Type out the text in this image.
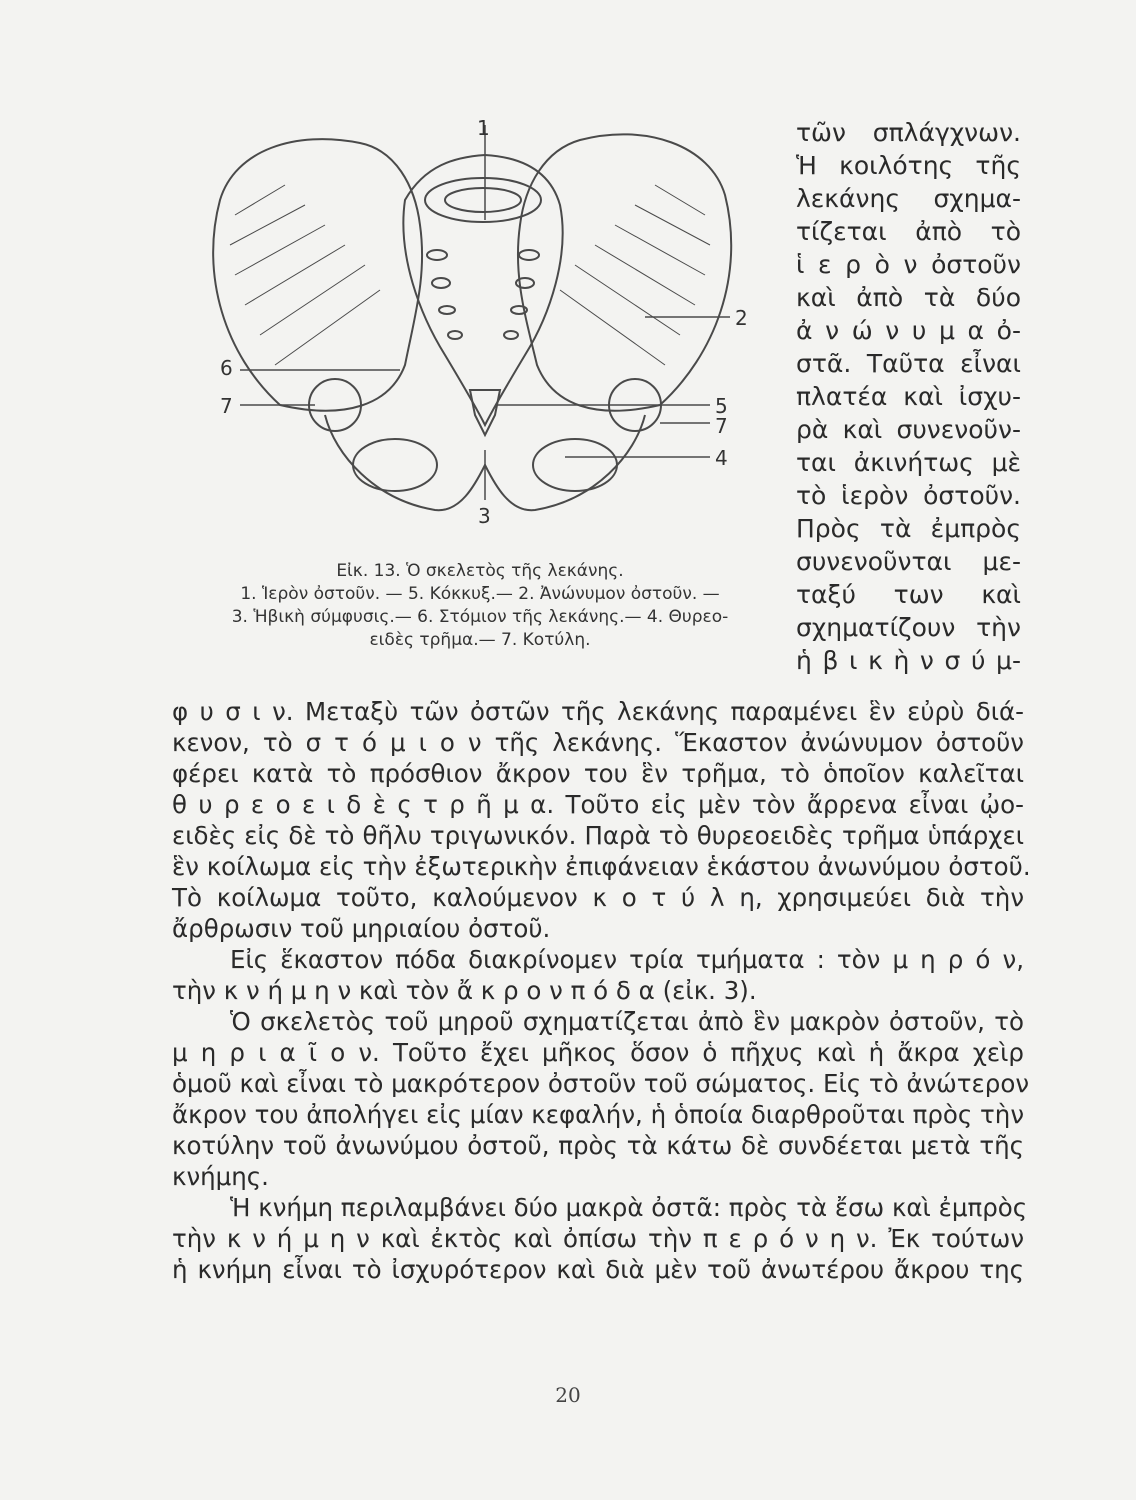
1
2
3
4
5
6
7
7
Εἰκ. 13. Ὁ σκελετὸς τῆς λεκάνης.
1. Ἱερὸν ὀστοῦν. — 5. Κόκκυξ.— 2. Ἀνώνυμον ὀστοῦν. —
3. Ἡβικὴ σύμφυσις.— 6. Στόμιον τῆς λεκάνης.— 4. Θυρεο-
ειδὲς τρῆμα.— 7. Κοτύλη.
τῶν σπλάγχνων.
Ἡ κοιλότης τῆς
λεκάνης σχημα-
τίζεται ἀπὸ τὸ
ἱ ε ρ ὸ ν ὀστοῦν
καὶ ἀπὸ τὰ δύο
ἀ ν ώ ν υ μ α ὀ-
στᾶ. Ταῦτα εἶναι
πλατέα καὶ ἰσχυ-
ρὰ καὶ συνενοῦν-
ται ἀκινήτως μὲ
τὸ ἱερὸν ὀστοῦν.
Πρὸς τὰ ἐμπρὸς
συνενοῦνται με-
ταξύ των καὶ
σχηματίζουν τὴν
ἡ β ι κ ὴ ν σ ύ μ-
φ υ σ ι ν. Μεταξὺ τῶν ὀστῶν τῆς λεκάνης παραμένει ἓν εὐρὺ διά-
κενον, τὸ σ τ ό μ ι ο ν τῆς λεκάνης. Ἕκαστον ἀνώνυμον ὀστοῦν
φέρει κατὰ τὸ πρόσθιον ἄκρον του ἓν τρῆμα, τὸ ὁποῖον καλεῖται
θ υ ρ ε ο ε ι δ ὲ ς τ ρ ῆ μ α. Τοῦτο εἰς μὲν τὸν ἄρρενα εἶναι ᾠο-
ειδὲς εἰς δὲ τὸ θῆλυ τριγωνικόν. Παρὰ τὸ θυρεοειδὲς τρῆμα ὑπάρχει
ἓν κοίλωμα εἰς τὴν ἐξωτερικὴν ἐπιφάνειαν ἑκάστου ἀνωνύμου ὀστοῦ.
Τὸ κοίλωμα τοῦτο, καλούμενον κ ο τ ύ λ η, χρησιμεύει διὰ τὴν
ἄρθρωσιν τοῦ μηριαίου ὀστοῦ.
Εἰς ἕκαστον πόδα διακρίνομεν τρία τμήματα : τὸν μ η ρ ό ν,
τὴν κ ν ή μ η ν καὶ τὸν ἄ κ ρ ο ν π ό δ α (εἰκ. 3).
Ὁ σκελετὸς τοῦ μηροῦ σχηματίζεται ἀπὸ ἓν μακρὸν ὀστοῦν, τὸ
μ η ρ ι α ῖ ο ν. Τοῦτο ἔχει μῆκος ὅσον ὁ πῆχυς καὶ ἡ ἄκρα χεὶρ
ὁμοῦ καὶ εἶναι τὸ μακρότερον ὀστοῦν τοῦ σώματος. Εἰς τὸ ἀνώτερον
ἄκρον του ἀπολήγει εἰς μίαν κεφαλήν, ἡ ὁποία διαρθροῦται πρὸς τὴν
κοτύλην τοῦ ἀνωνύμου ὀστοῦ, πρὸς τὰ κάτω δὲ συνδέεται μετὰ τῆς
κνήμης.
Ἡ κνήμη περιλαμβάνει δύο μακρὰ ὀστᾶ: πρὸς τὰ ἔσω καὶ ἐμπρὸς
τὴν κ ν ή μ η ν καὶ ἐκτὸς καὶ ὀπίσω τὴν π ε ρ ό ν η ν. Ἐκ τούτων
ἡ κνήμη εἶναι τὸ ἰσχυρότερον καὶ διὰ μὲν τοῦ ἀνωτέρου ἄκρου της
20
